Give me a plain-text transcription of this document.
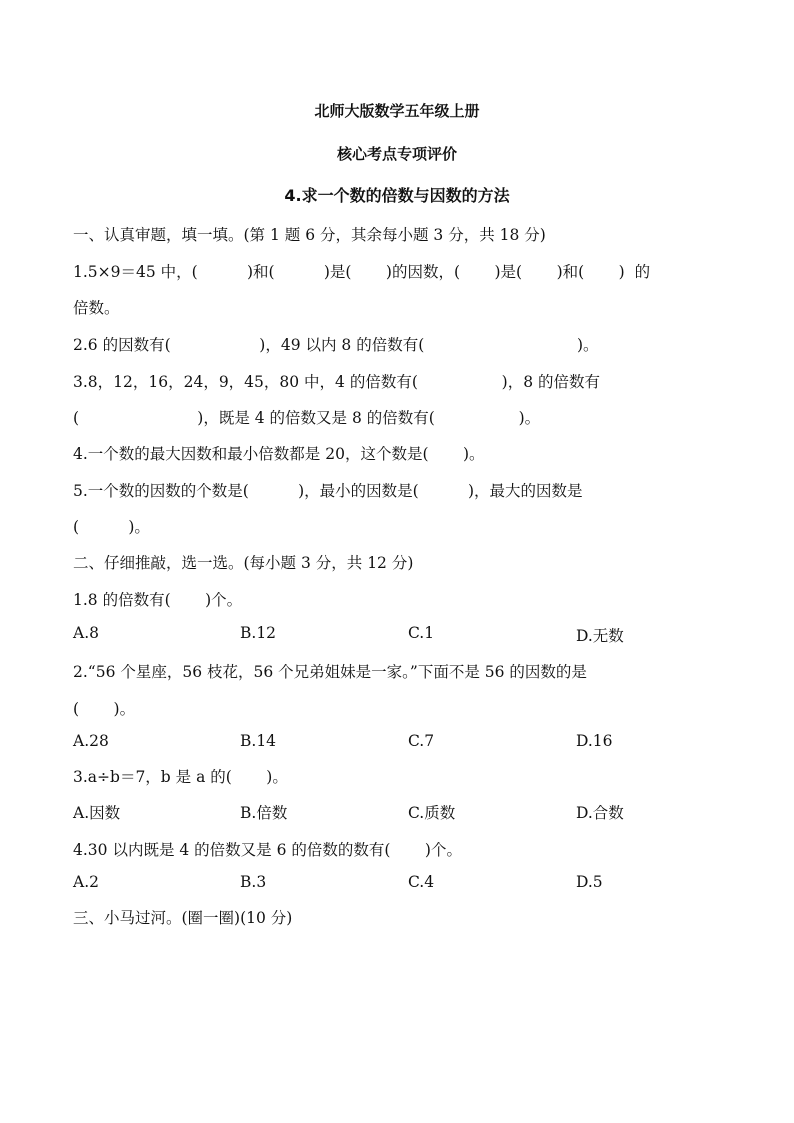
北师大版数学五年级上册
核心考点专项评价
4.求一个数的倍数与因数的方法
一、认真审题，填一填。(第 1 题 6 分，其余每小题 3 分，共 18 分)
1.5×9＝45 中，(          )和(          )是(       )的因数，(       )是(       )和(       )  的
倍数。
2.6 的因数有(                  )，49 以内 8 的倍数有(                               )。
3.8，12，16，24，9，45，80 中，4 的倍数有(                 )，8 的倍数有
(                        )，既是 4 的倍数又是 8 的倍数有(                 )。
4.一个数的最大因数和最小倍数都是 20，这个数是(       )。
5.一个数的因数的个数是(          )，最小的因数是(          )，最大的因数是
(          )。
二、仔细推敲，选一选。(每小题 3 分，共 12 分)
1.8 的倍数有(       )个。
A.8	B.12	C.1	D.无数
2.“56 个星座，56 枝花，56 个兄弟姐妹是一家。”下面不是 56 的因数的是
(       )。
A.28	B.14	C.7	D.16
3.a÷b＝7，b 是 a 的(       )。
A.因数	B.倍数	C.质数	D.合数
4.30 以内既是 4 的倍数又是 6 的倍数的数有(       )个。
A.2	B.3	C.4	D.5
三、小马过河。(圈一圈)(10 分)
